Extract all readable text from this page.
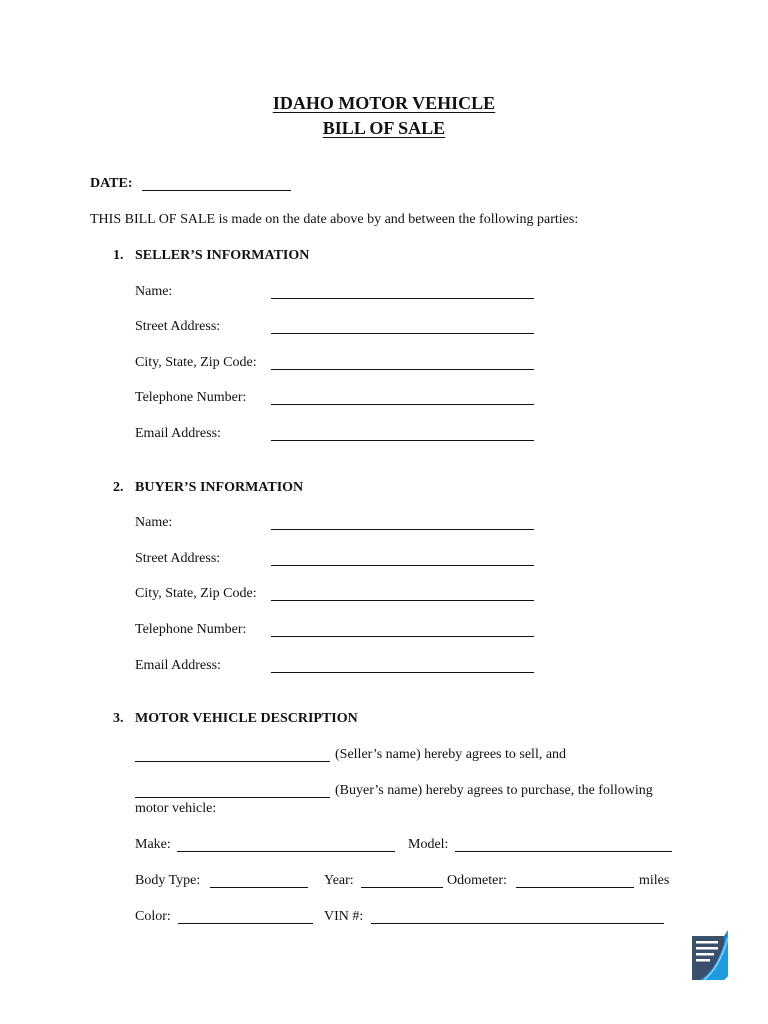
IDAHO MOTOR VEHICLE
BILL OF SALE
DATE:
THIS BILL OF SALE is made on the date above by and between the following parties:
1. SELLER’S INFORMATION
Name:
Street Address:
City, State, Zip Code:
Telephone Number:
Email Address:
2. BUYER’S INFORMATION
Name:
Street Address:
City, State, Zip Code:
Telephone Number:
Email Address:
3. MOTOR VEHICLE DESCRIPTION
(Seller’s name) hereby agrees to sell, and
(Buyer’s name) hereby agrees to purchase, the following
motor vehicle:
Make:	Model:
Body Type:	Year:	Odometer:	miles
Color:	VIN #:
